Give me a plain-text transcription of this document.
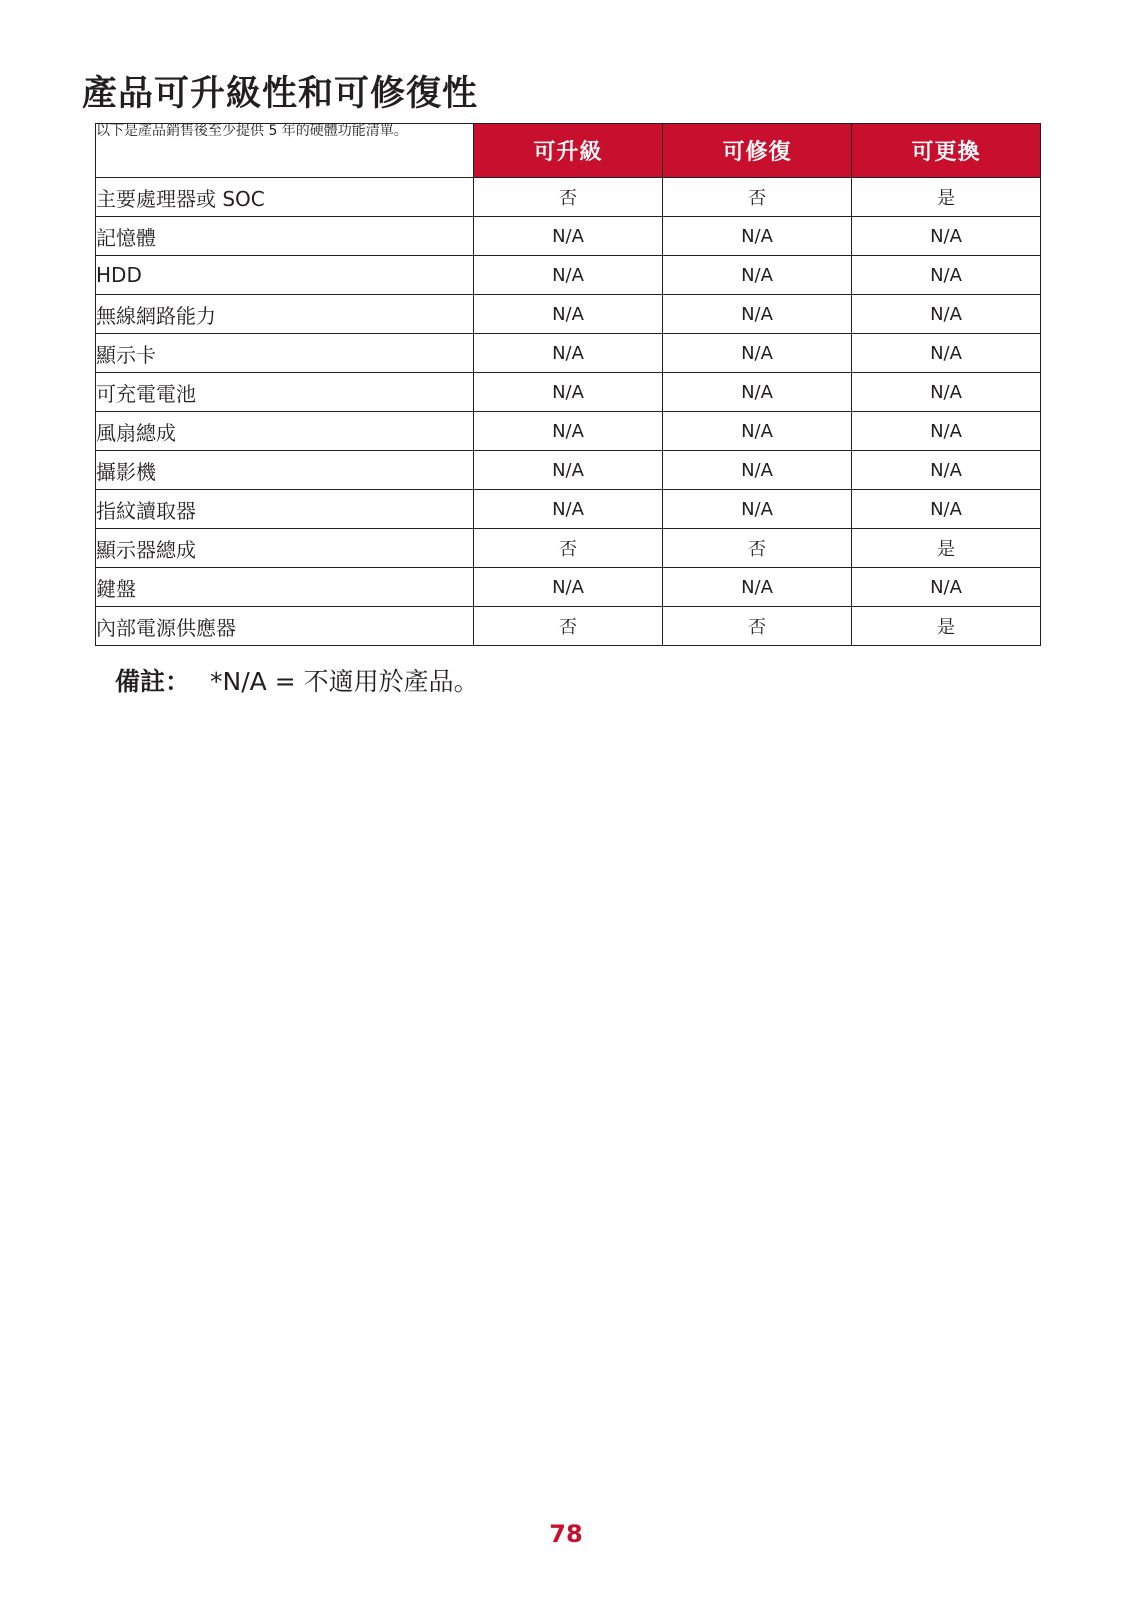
產品可升級性和可修復性
以下是產品銷售後至少提供 5 年的硬體功能清單。	可升級	可修復	可更換
主要處理器或 SOC	否	否	是
記憶體	N/A	N/A	N/A
HDD	N/A	N/A	N/A
無線網路能力	N/A	N/A	N/A
顯示卡	N/A	N/A	N/A
可充電電池	N/A	N/A	N/A
風扇總成	N/A	N/A	N/A
攝影機	N/A	N/A	N/A
指紋讀取器	N/A	N/A	N/A
顯示器總成	否	否	是
鍵盤	N/A	N/A	N/A
內部電源供應器	否	否	是
備註： *N/A = 不適用於產品。
78
